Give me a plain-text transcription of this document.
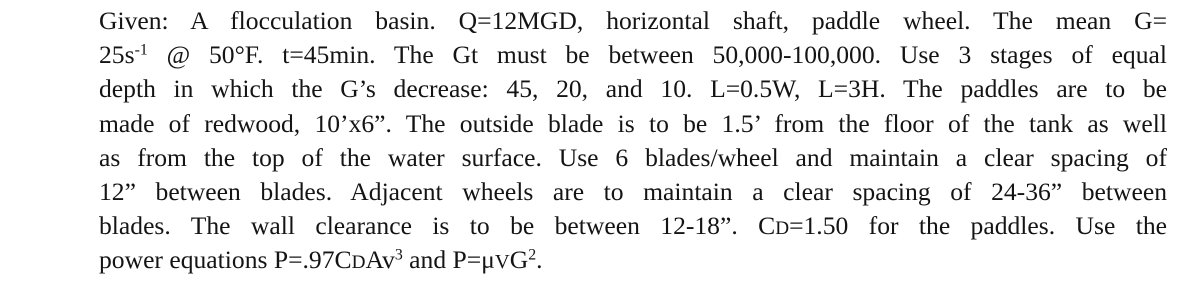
Given: A flocculation basin. Q=12MGD, horizontal shaft, paddle wheel. The mean G=
$25s^{-1}$ @ 50°F. t=45min. The Gt must be between 50,000-100,000. Use 3 stages of equal
depth in which the G’s decrease: 45, 20, and 10. L=0.5W, L=3H. The paddles are to be
made of redwood, 10’x6”. The outside blade is to be 1.5’ from the floor of the tank as well
as from the top of the water surface. Use 6 blades/wheel and maintain a clear spacing of
12” between blades. Adjacent wheels are to maintain a clear spacing of 24-36” between
blades. The wall clearance is to be between 12-18”. CD=1.50 for the paddles. Use the
power equations P=.97CDAv$^3$ and P=μVG$^2$.
